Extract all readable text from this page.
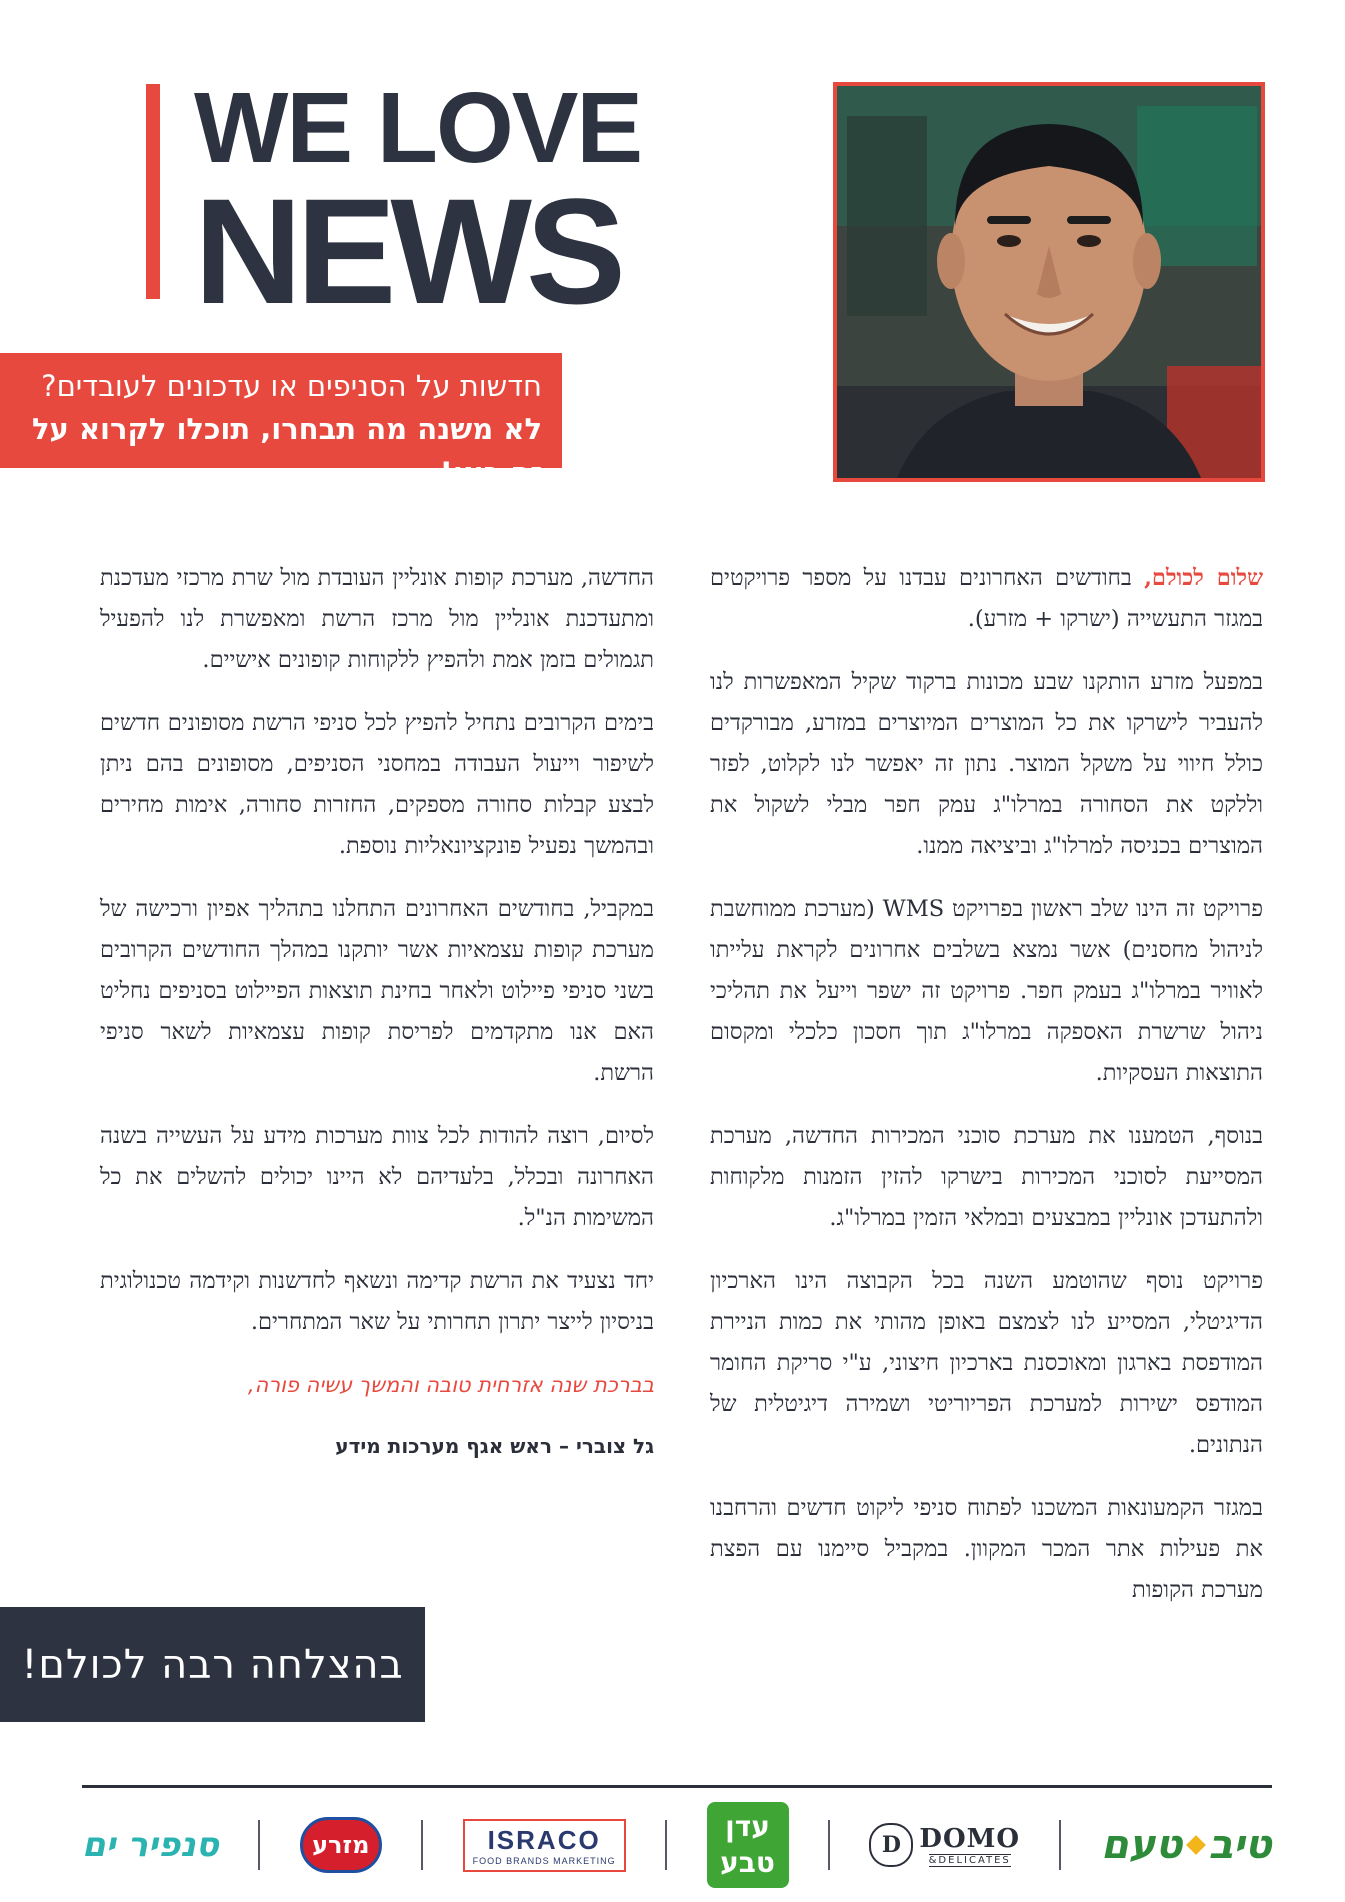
WE LOVE
NEWS
חדשות על הסניפים או עדכונים לעובדים?
לא משנה מה תבחרו, תוכלו לקרוא על זה כאן!

שלום לכולם, בחודשים האחרונים עבדנו על מספר פרויקטים במגזר התעשייה (ישרקו + מזרע).

במפעל מזרע הותקנו שבע מכונות ברקוד שקיל המאפשרות לנו להעביר לישרקו את כל המוצרים המיוצרים במזרע, מבורקדים כולל חיווי על משקל המוצר. נתון זה יאפשר לנו לקלוט, לפזר וללקט את הסחורה במרלו"ג עמק חפר מבלי לשקול את המוצרים בכניסה למרלו"ג וביציאה ממנו.

פרויקט זה הינו שלב ראשון בפרויקט WMS (מערכת ממוחשבת לניהול מחסנים) אשר נמצא בשלבים אחרונים לקראת עלייתו לאוויר במרלו"ג בעמק חפר. פרויקט זה ישפר וייעל את תהליכי ניהול שרשרת האספקה במרלו"ג תוך חסכון כלכלי ומקסום התוצאות העסקיות.

בנוסף, הטמענו את מערכת סוכני המכירות החדשה, מערכת המסייעת לסוכני המכירות בישרקו להזין הזמנות מלקוחות ולהתעדכן אונליין במבצעים ובמלאי הזמין במרלו"ג.

פרויקט נוסף שהוטמע השנה בכל הקבוצה הינו הארכיון הדיגיטלי, המסייע לנו לצמצם באופן מהותי את כמות הניירת המודפסת בארגון ומאוכסנת בארכיון חיצוני, ע"י סריקת החומר המודפס ישירות למערכת הפריוריטי ושמירה דיגיטלית של הנתונים.

במגזר הקמעונאות המשכנו לפתוח סניפי ליקוט חדשים והרחבנו את פעילות אתר המכר המקוון. במקביל סיימנו עם הפצת מערכת הקופות

החדשה, מערכת קופות אונליין העובדת מול שרת מרכזי מעדכנת ומתעדכנת אונליין מול מרכז הרשת ומאפשרת לנו להפעיל תגמולים בזמן אמת ולהפיץ ללקוחות קופונים אישיים.

בימים הקרובים נתחיל להפיץ לכל סניפי הרשת מסופונים חדשים לשיפור וייעול העבודה במחסני הסניפים, מסופונים בהם ניתן לבצע קבלות סחורה מספקים, החזרות סחורה, אימות מחירים ובהמשך נפעיל פונקציונאליות נוספת.

במקביל, בחודשים האחרונים התחלנו בתהליך אפיון ורכישה של מערכת קופות עצמאיות אשר יותקנו במהלך החודשים הקרובים בשני סניפי פיילוט ולאחר בחינת תוצאות הפיילוט בסניפים נחליט האם אנו מתקדמים לפריסת קופות עצמאיות לשאר סניפי הרשת.

לסיום, רוצה להודות לכל צוות מערכות מידע על העשייה בשנה האחרונה ובכלל, בלעדיהם לא היינו יכולים להשלים את כל המשימות הנ"ל.

יחד נצעיד את הרשת קדימה ונשאף לחדשנות וקידמה טכנולוגית בניסיון לייצר יתרון תחרותי על שאר המתחרים.

בברכת שנה אזרחית טובה והמשך עשיה פורה,
גל צוברי – ראש אגף מערכות מידע
בהצלחה רבה לכולם!
סנפיר ים	מזרע	ISRACO
FOOD BRANDS MARKETING
עדן
טבע
D DOMO
&DELICATES	טיב
טעם
